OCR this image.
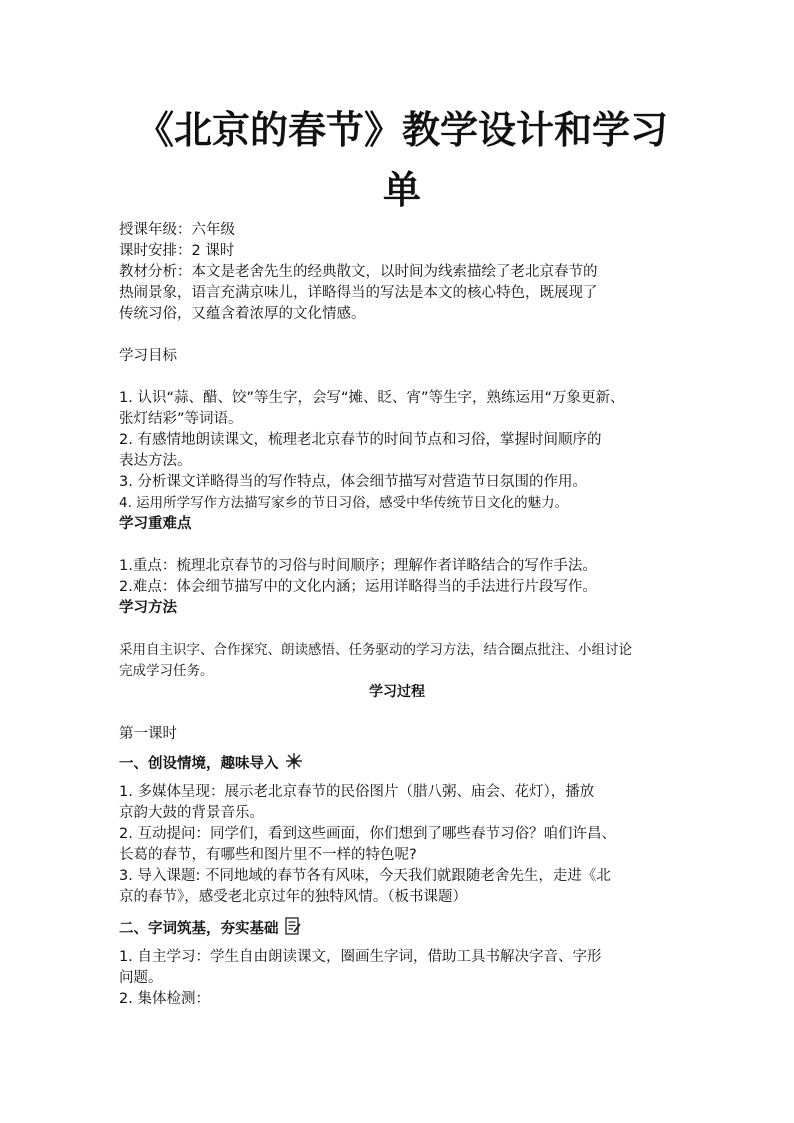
《北京的春节》教学设计和学习
单

授课年级：六年级

课时安排：2 课时

教材分析：本文是老舍先生的经典散文，以时间为线索描绘了老北京春节的

热闹景象，语言充满京味儿，详略得当的写法是本文的核心特色，既展现了

传统习俗，又蕴含着浓厚的文化情感。

学习目标

1. 认识“蒜、醋、饺”等生字，会写“摊、眨、宵”等生字，熟练运用“万象更新、

张灯结彩”等词语。

2. 有感情地朗读课文，梳理老北京春节的时间节点和习俗，掌握时间顺序的

表达方法。

3. 分析课文详略得当的写作特点，体会细节描写对营造节日氛围的作用。

4. 运用所学写作方法描写家乡的节日习俗，感受中华传统节日文化的魅力。

学习重难点

1.重点：梳理北京春节的习俗与时间顺序；理解作者详略结合的写作手法。

2.难点：体会细节描写中的文化内涵；运用详略得当的手法进行片段写作。

学习方法

采用自主识字、合作探究、朗读感悟、任务驱动的学习方法，结合圈点批注、小组讨论

完成学习任务。

学习过程

第一课时

一、创设情境，趣味导入

1. 多媒体呈现：展示老北京春节的民俗图片（腊八粥、庙会、花灯），播放

京韵大鼓的背景音乐。

2. 互动提问：同学们，看到这些画面，你们想到了哪些春节习俗？咱们许昌、

长葛的春节，有哪些和图片里不一样的特色呢?

3. 导入课题: 不同地域的春节各有风味，今天我们就跟随老舍先生，走进《北

京的春节》，感受老北京过年的独特风情。（板书课题）

二、字词筑基，夯实基础

1. 自主学习：学生自由朗读课文，圈画生字词，借助工具书解决字音、字形

问题。

2. 集体检测：
